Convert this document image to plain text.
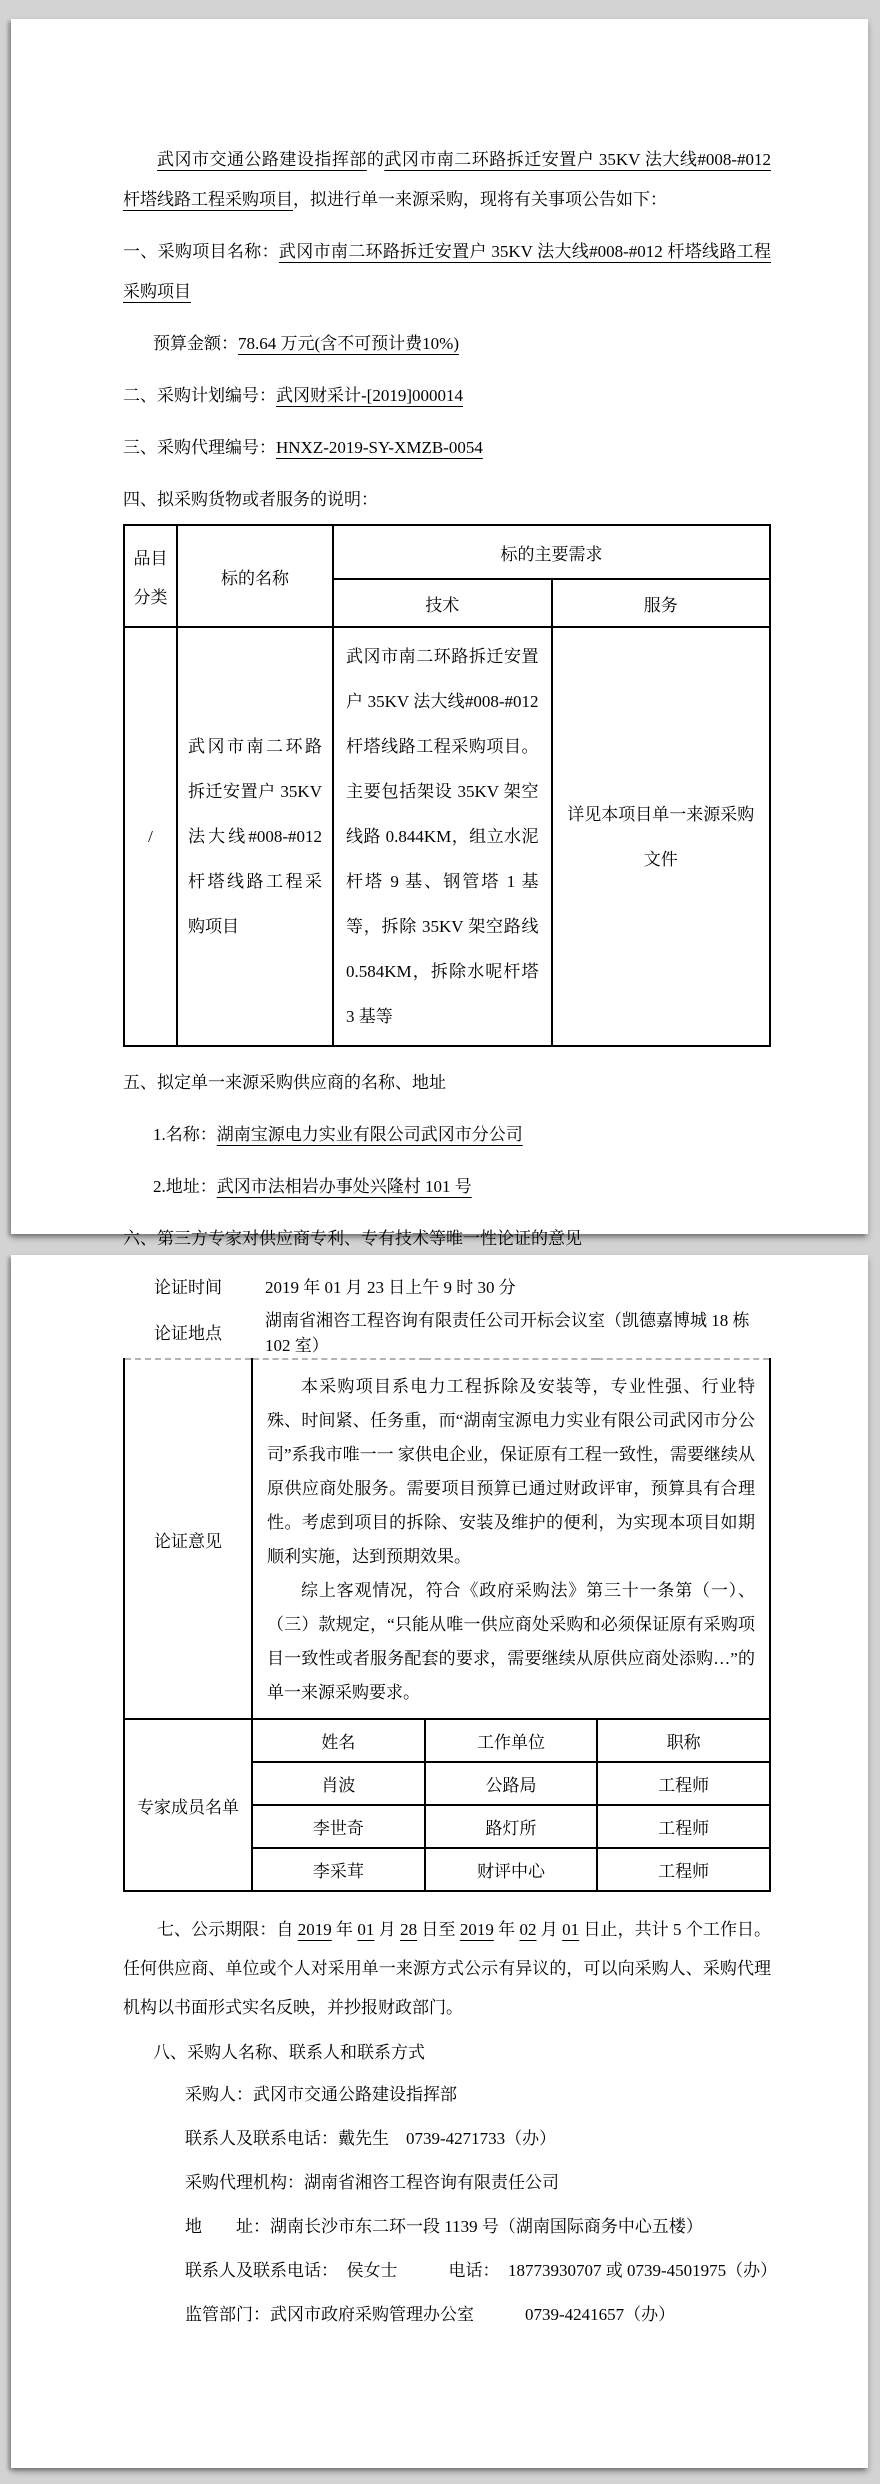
武冈市交通公路建设指挥部的武冈市南二环路拆迁安置户 35KV 法大线#008-#012 杆塔线路工程采购项目，拟进行单一来源采购，现将有关事项公告如下：

一、采购项目名称：武冈市南二环路拆迁安置户 35KV 法大线#008-#012 杆塔线路工程采购项目

预算金额：78.64 万元(含不可预计费10%)

二、采购计划编号：武冈财采计-[2019]000014

三、采购代理编号：HNXZ-2019-SY-XMZB-0054

四、拟采购货物或者服务的说明：

品目
分类	标的名称	标的主要需求	
		技术	服务
/	武冈市南二环路拆迁安置户 35KV 法大线#008-#012 杆塔线路工程采购项目	武冈市南二环路拆迁安置户 35KV 法大线#008-#012 杆塔线路工程采购项目。主要包括架设 35KV 架空线路 0.844KM，组立水泥杆塔 9 基、钢管塔 1 基等，拆除 35KV 架空路线 0.584KM，拆除水呢杆塔 3 基等	详见本项目单一来源采购文件

五、拟定单一来源采购供应商的名称、地址

1.名称：湖南宝源电力实业有限公司武冈市分公司

2.地址：武冈市法相岩办事处兴隆村 101 号

六、第三方专家对供应商专利、专有技术等唯一性论证的意见

论证时间	2019 年 01 月 23 日上午 9 时 30 分
论证地点	湖南省湘咨工程咨询有限责任公司开标会议室（凯德嘉博城 18 栋 102 室）
论证意见	本采购项目系电力工程拆除及安装等，专业性强、行业特殊、时间紧、任务重，而“湖南宝源电力实业有限公司武冈市分公司”系我市唯一一 家供电企业，保证原有工程一致性，需要继续从原供应商处服务。需要项目预算已通过财政评审，预算具有合理性。考虑到项目的拆除、安装及维护的便利，为实现本项目如期顺利实施，达到预期效果。

综上客观情况，符合《政府采购法》第三十一条第（一）、（三）款规定，“只能从唯一供应商处采购和必须保证原有采购项目一致性或者服务配套的要求，需要继续从原供应商处添购…”的单一来源采购要求。		

专家成员名单	姓名	工作单位	职称
	肖波	公路局	工程师
	李世奇	路灯所	工程师
	李采茸	财评中心	工程师

七、公示期限：自 2019 年 01 月 28 日至 2019 年 02 月 01 日止，共计 5 个工作日。任何供应商、单位或个人对采用单一来源方式公示有异议的，可以向采购人、采购代理机构以书面形式实名反映，并抄报财政部门。

八、采购人名称、联系人和联系方式

采购人：武冈市交通公路建设指挥部

联系人及联系电话：戴先生　0739-4271733（办）

采购代理机构：湖南省湘咨工程咨询有限责任公司

地　　址：湖南长沙市东二环一段 1139 号（湖南国际商务中心五楼）

联系人及联系电话：　侯女士　　　电话：　18773930707 或 0739-4501975（办）

监管部门：武冈市政府采购管理办公室　　　0739-4241657（办）
